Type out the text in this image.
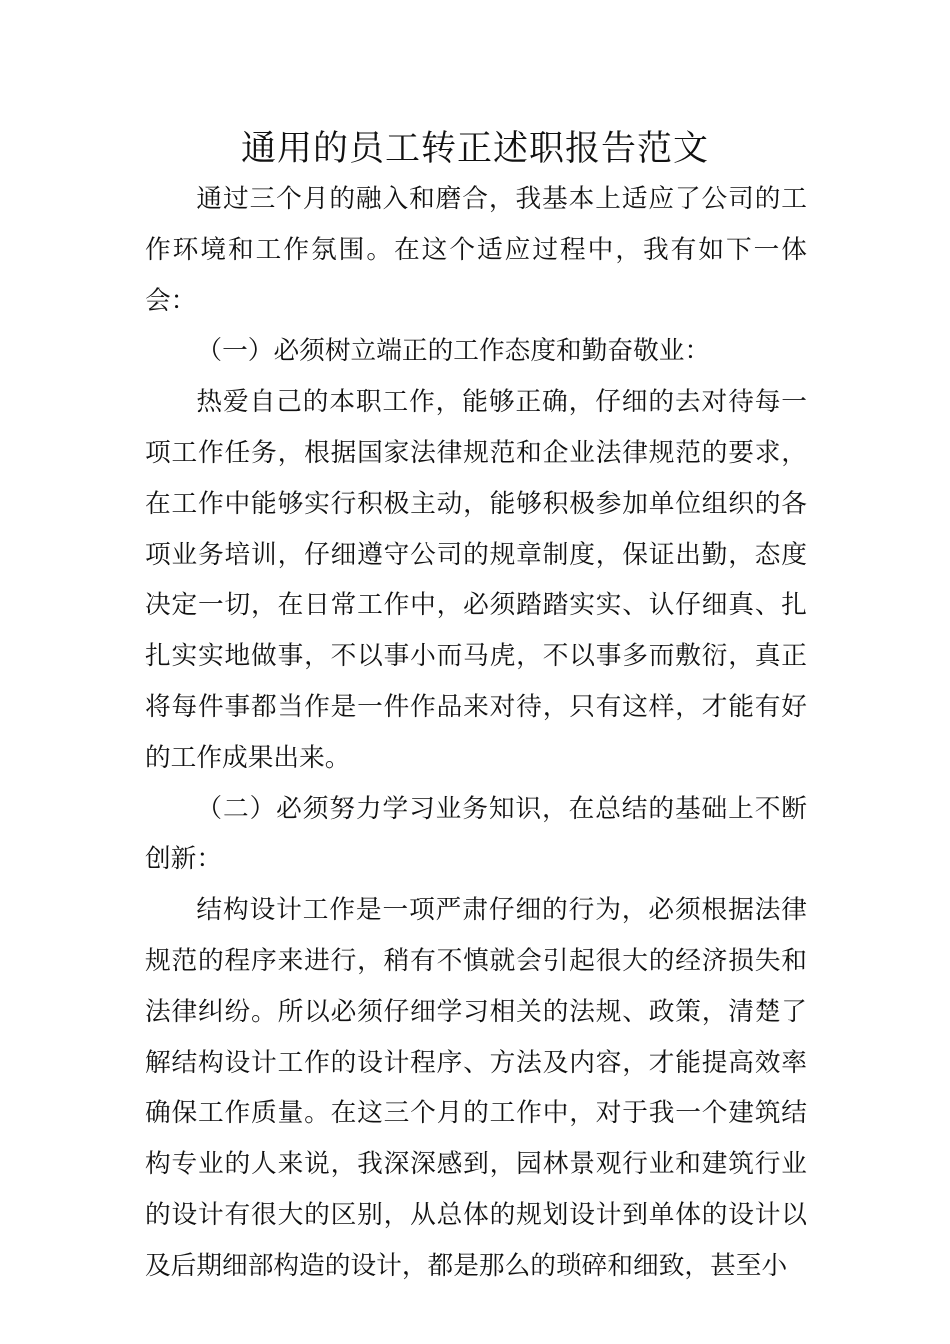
通用的员工转正述职报告范文

通过三个月的融入和磨合，我基本上适应了公司的工作环境和工作氛围。在这个适应过程中，我有如下一体会：

（一）必须树立端正的工作态度和勤奋敬业：

热爱自己的本职工作，能够正确，仔细的去对待每一项工作任务，根据国家法律规范和企业法律规范的要求，在工作中能够实行积极主动，能够积极参加单位组织的各项业务培训，仔细遵守公司的规章制度，保证出勤，态度决定一切，在日常工作中，必须踏踏实实、认仔细真、扎扎实实地做事，不以事小而马虎，不以事多而敷衍，真正将每件事都当作是一件作品来对待，只有这样，才能有好的工作成果出来。

（二）必须努力学习业务知识，在总结的基础上不断创新：

结构设计工作是一项严肃仔细的行为，必须根据法律规范的程序来进行，稍有不慎就会引起很大的经济损失和法律纠纷。所以必须仔细学习相关的法规、政策，清楚了解结构设计工作的设计程序、方法及内容，才能提高效率确保工作质量。在这三个月的工作中，对于我一个建筑结构专业的人来说，我深深感到，园林景观行业和建筑行业的设计有很大的区别，从总体的规划设计到单体的设计以及后期细部构造的设计，都是那么的琐碎和细致，甚至小
